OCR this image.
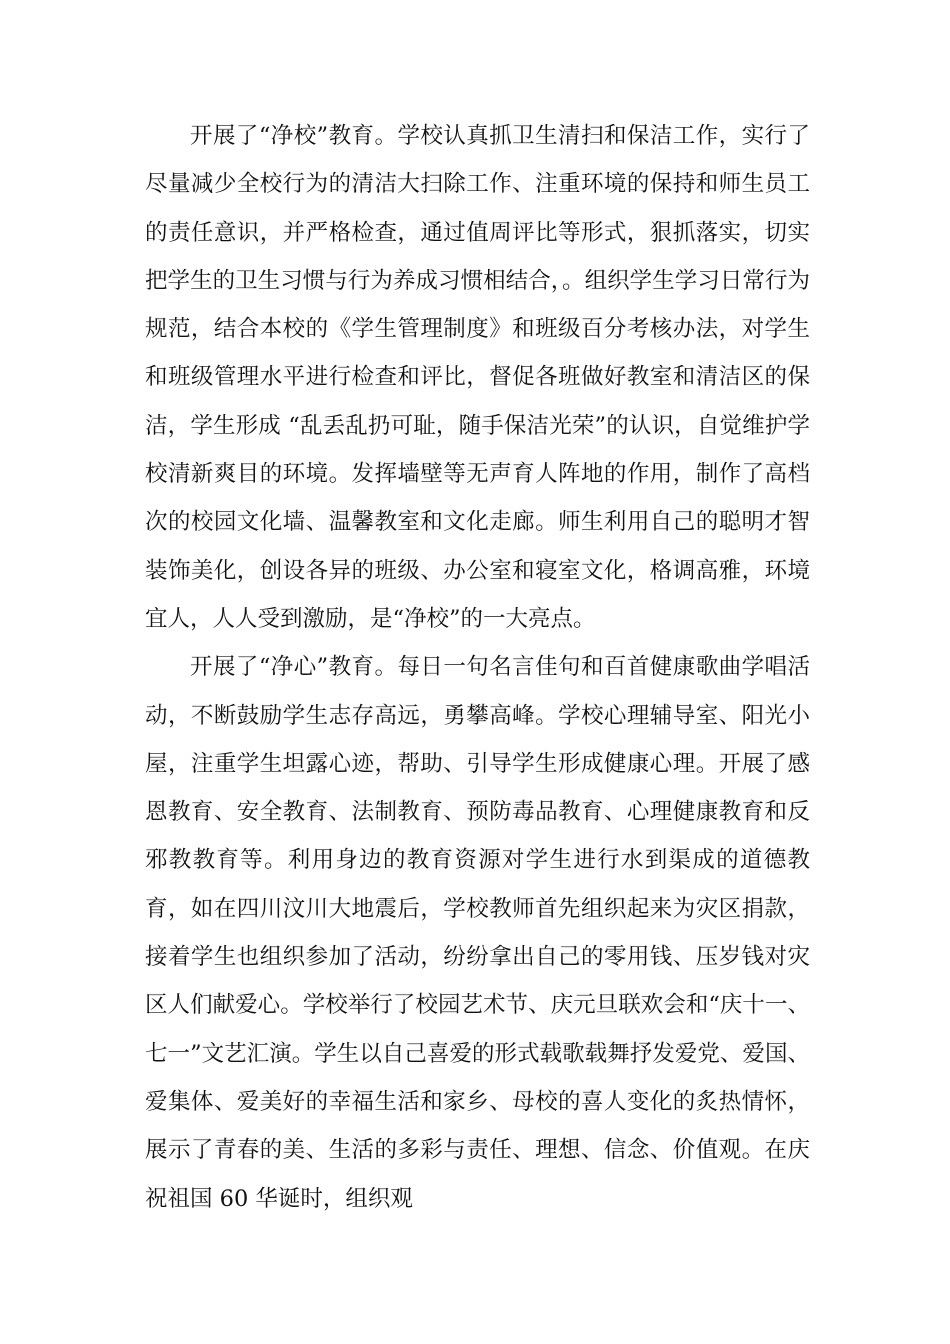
开展了“净校”教育。学校认真抓卫生清扫和保洁工作，实行了尽量减少全校行为的清洁大扫除工作、注重环境的保持和师生员工的责任意识，并严格检查，通过值周评比等形式，狠抓落实，切实把学生的卫生习惯与行为养成习惯相结合，。组织学生学习日常行为规范，结合本校的《学生管理制度》和班级百分考核办法，对学生和班级管理水平进行检查和评比，督促各班做好教室和清洁区的保洁，学生形成 “乱丢乱扔可耻，随手保洁光荣”的认识，自觉维护学校清新爽目的环境。发挥墙壁等无声育人阵地的作用，制作了高档次的校园文化墙、温馨教室和文化走廊。师生利用自己的聪明才智装饰美化，创设各异的班级、办公室和寝室文化，格调高雅，环境宜人，人人受到激励，是“净校”的一大亮点。

开展了“净心”教育。每日一句名言佳句和百首健康歌曲学唱活动，不断鼓励学生志存高远，勇攀高峰。学校心理辅导室、阳光小屋，注重学生坦露心迹，帮助、引导学生形成健康心理。开展了感恩教育、安全教育、法制教育、预防毒品教育、心理健康教育和反邪教教育等。利用身边的教育资源对学生进行水到渠成的道德教育，如在四川汶川大地震后，学校教师首先组织起来为灾区捐款，接着学生也组织参加了活动，纷纷拿出自己的零用钱、压岁钱对灾区人们献爱心。学校举行了校园艺术节、庆元旦联欢会和“庆十一、七一”文艺汇演。学生以自己喜爱的形式载歌载舞抒发爱党、爱国、爱集体、爱美好的幸福生活和家乡、母校的喜人变化的炙热情怀，展示了青春的美、生活的多彩与责任、理想、信念、价值观。在庆祝祖国 60 华诞时，组织观
